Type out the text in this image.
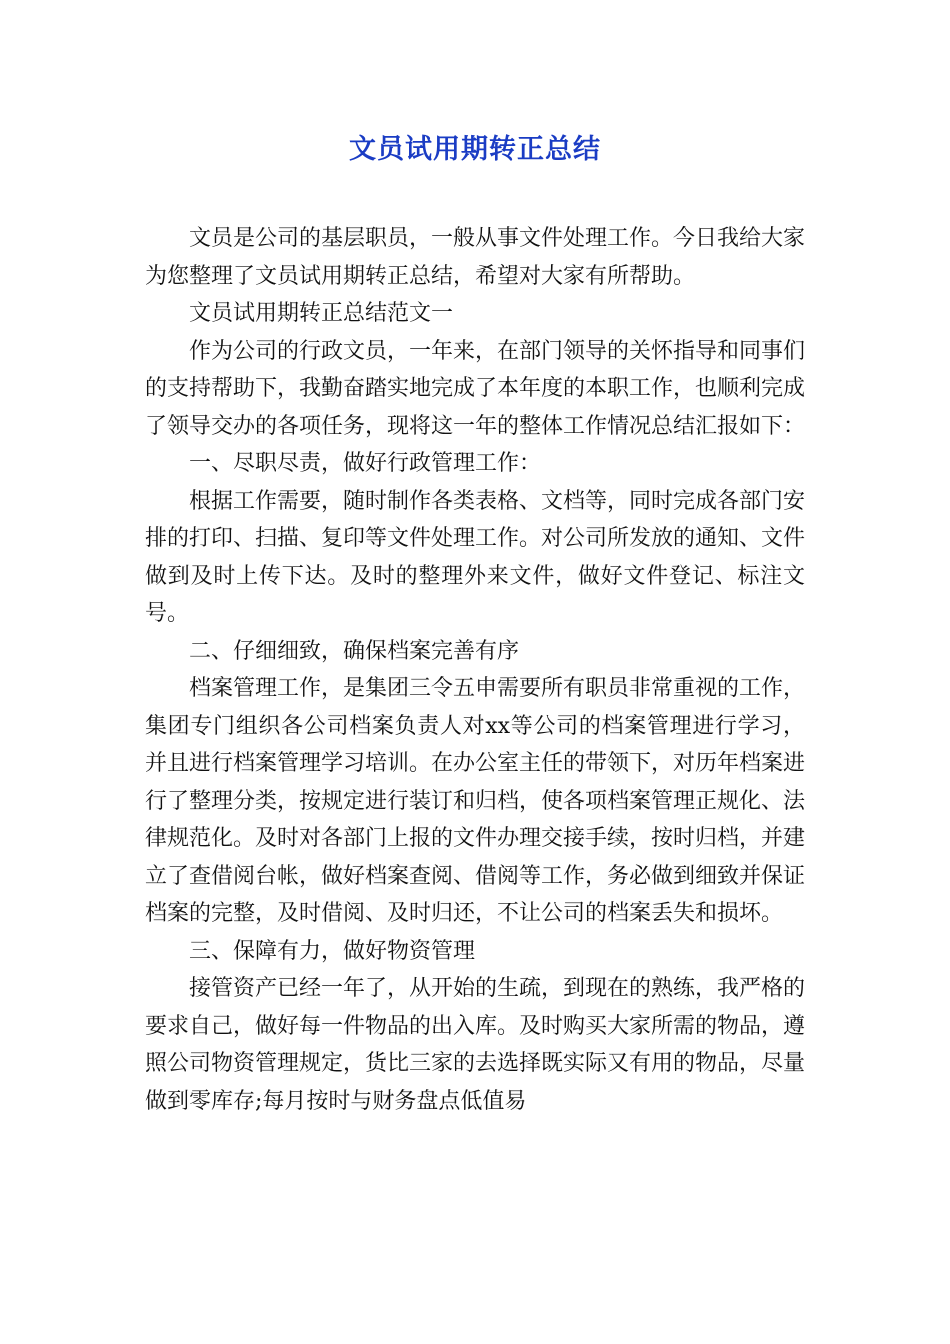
文员试用期转正总结

文员是公司的基层职员，一般从事文件处理工作。今日我给大家为您整理了文员试用期转正总结，希望对大家有所帮助。

文员试用期转正总结范文一

作为公司的行政文员，一年来，在部门领导的关怀指导和同事们的支持帮助下，我勤奋踏实地完成了本年度的本职工作，也顺利完成了领导交办的各项任务，现将这一年的整体工作情况总结汇报如下：

一、尽职尽责，做好行政管理工作：

根据工作需要，随时制作各类表格、文档等，同时完成各部门安排的打印、扫描、复印等文件处理工作。对公司所发放的通知、文件做到及时上传下达。及时的整理外来文件，做好文件登记、标注文号。

二、仔细细致，确保档案完善有序

档案管理工作，是集团三令五申需要所有职员非常重视的工作，集团专门组织各公司档案负责人对xx等公司的档案管理进行学习，并且进行档案管理学习培训。在办公室主任的带领下，对历年档案进行了整理分类，按规定进行装订和归档，使各项档案管理正规化、法律规范化。及时对各部门上报的文件办理交接手续，按时归档，并建立了查借阅台帐，做好档案查阅、借阅等工作，务必做到细致并保证档案的完整，及时借阅、及时归还，不让公司的档案丢失和损坏。

三、保障有力，做好物资管理

接管资产已经一年了，从开始的生疏，到现在的熟练，我严格的要求自己，做好每一件物品的出入库。及时购买大家所需的物品，遵照公司物资管理规定，货比三家的去选择既实际又有用的物品，尽量做到零库存;每月按时与财务盘点低值易
